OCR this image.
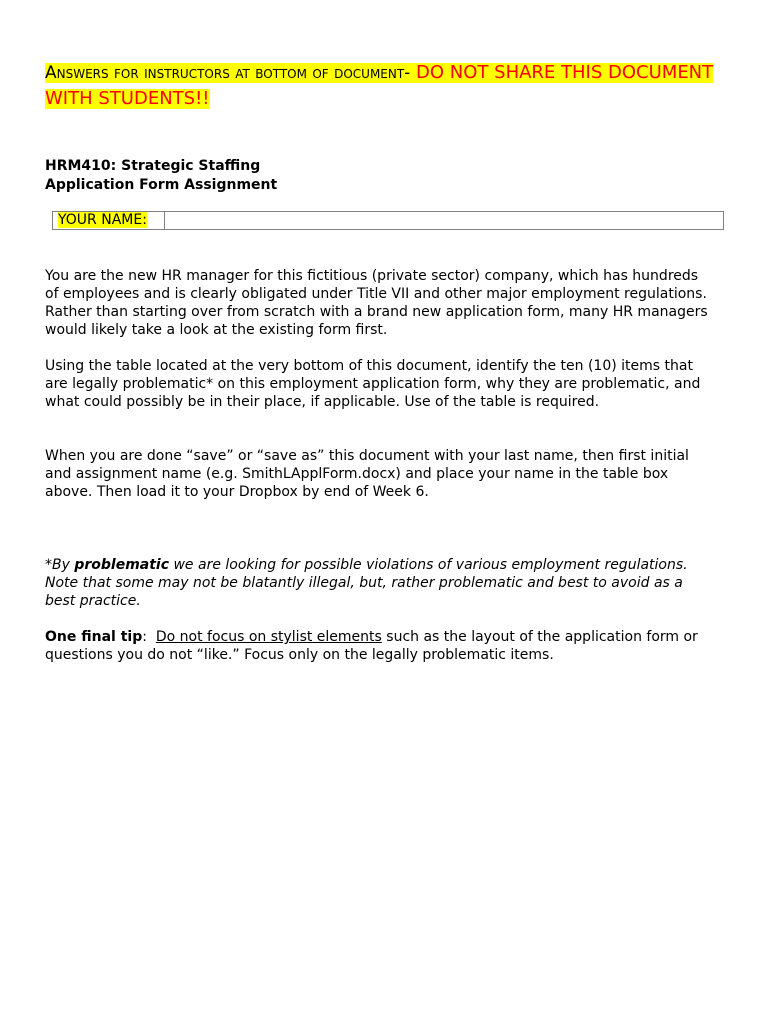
Answers for instructors at bottom of document- DO NOT SHARE THIS DOCUMENT WITH STUDENTS!!
HRM410: Strategic Staffing
Application Form Assignment
YOUR NAME:

You are the new HR manager for this fictitious (private sector) company, which has hundreds of employees and is clearly obligated under Title VII and other major employment regulations. Rather than starting over from scratch with a brand new application form, many HR managers would likely take a look at the existing form first.

Using the table located at the very bottom of this document, identify the ten (10) items that are legally problematic* on this employment application form, why they are problematic, and what could possibly be in their place, if applicable. Use of the table is required.

When you are done “save” or “save as” this document with your last name, then first initial and assignment name (e.g. SmithLApplForm.docx) and place your name in the table box above. Then load it to your Dropbox by end of Week 6.

*By problematic we are looking for possible violations of various employment regulations. Note that some may not be blatantly illegal, but, rather problematic and best to avoid as a best practice.

One final tip:  Do not focus on stylist elements such as the layout of the application form or questions you do not “like.” Focus only on the legally problematic items.
